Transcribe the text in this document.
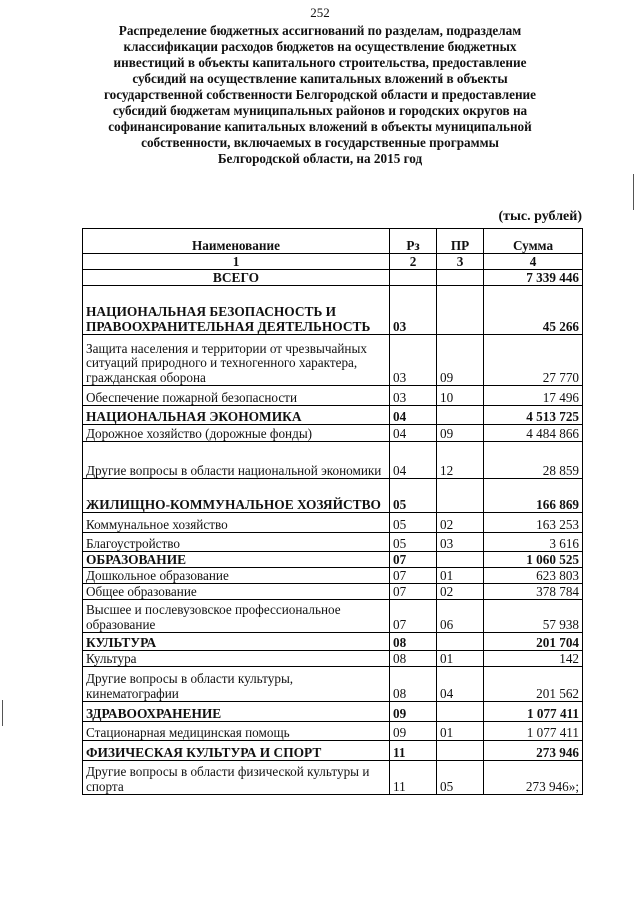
252
Распределение бюджетных ассигнований по разделам, подразделам классификации расходов бюджетов на осуществление бюджетных инвестиций в объекты капитального строительства, предоставление субсидий на осуществление капитальных вложений в объекты государственной собственности Белгородской области и предоставление субсидий бюджетам муниципальных районов и городских округов на софинансирование капитальных вложений в объекты муниципальной собственности, включаемых в государственные программы Белгородской области, на 2015 год
(тыс. рублей)
Наименование	Рз	ПР	Сумма
1	2	3	4
ВСЕГО			7 339 446
НАЦИОНАЛЬНАЯ БЕЗОПАСНОСТЬ И ПРАВООХРАНИТЕЛЬНАЯ ДЕЯТЕЛЬНОСТЬ	03		45 266
Защита населения и территории от чрезвычайных ситуаций природного и техногенного характера, гражданская оборона	03	09	27 770
Обеспечение пожарной безопасности	03	10	17 496
НАЦИОНАЛЬНАЯ ЭКОНОМИКА	04		4 513 725
Дорожное хозяйство (дорожные фонды)	04	09	4 484 866
Другие вопросы в области национальной экономики	04	12	28 859
ЖИЛИЩНО-КОММУНАЛЬНОЕ ХОЗЯЙСТВО	05		166 869
Коммунальное хозяйство	05	02	163 253
Благоустройство	05	03	3 616
ОБРАЗОВАНИЕ	07		1 060 525
Дошкольное образование	07	01	623 803
Общее образование	07	02	378 784
Высшее и послевузовское профессиональное образование	07	06	57 938
КУЛЬТУРА	08		201 704
Культура	08	01	142
Другие вопросы в области культуры, кинематографии	08	04	201 562
ЗДРАВООХРАНЕНИЕ	09		1 077 411
Стационарная медицинская помощь	09	01	1 077 411
ФИЗИЧЕСКАЯ КУЛЬТУРА И СПОРТ	11		273 946
Другие вопросы в области физической культуры и спорта	11	05	273 946»;
